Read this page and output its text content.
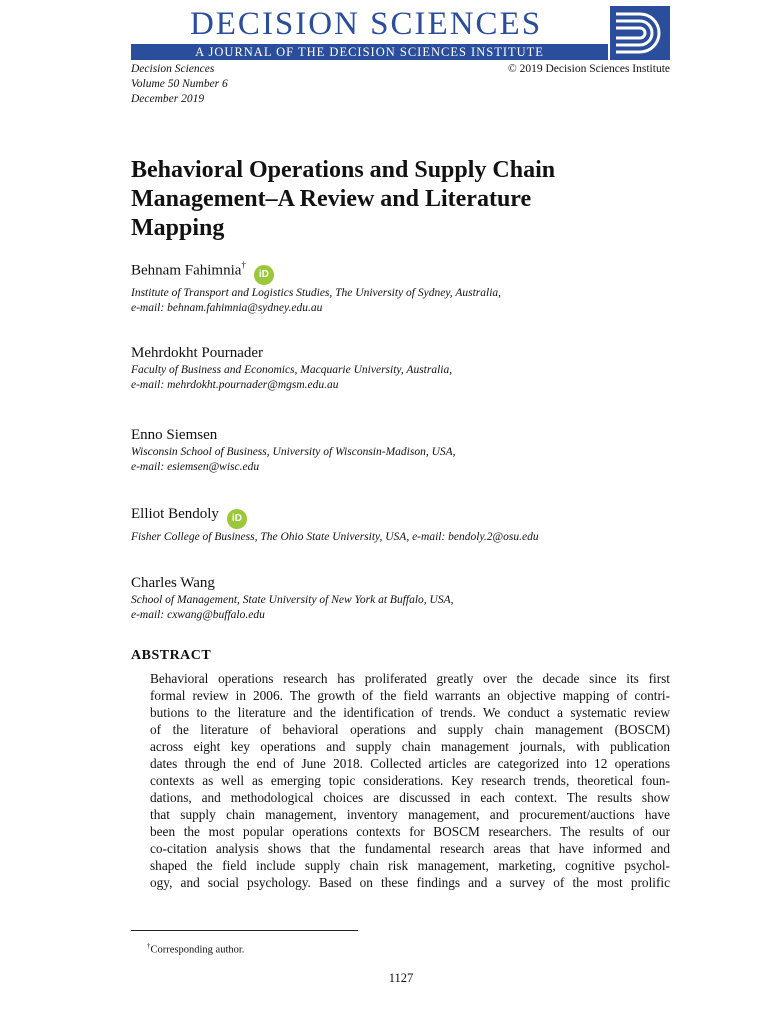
DECISION SCIENCES
A JOURNAL OF THE DECISION SCIENCES INSTITUTE
Decision Sciences
Volume 50 Number 6
December 2019
© 2019 Decision Sciences Institute
Behavioral Operations and Supply Chain
Management–A Review and Literature
Mapping
Behnam Fahimnia† iD
Institute of Transport and Logistics Studies, The University of Sydney, Australia,
e-mail: behnam.fahimnia@sydney.edu.au
Mehrdokht Pournader
Faculty of Business and Economics, Macquarie University, Australia,
e-mail: mehrdokht.pournader@mgsm.edu.au
Enno Siemsen
Wisconsin School of Business, University of Wisconsin-Madison, USA,
e-mail: esiemsen@wisc.edu
Elliot Bendoly iD
Fisher College of Business, The Ohio State University, USA, e-mail: bendoly.2@osu.edu
Charles Wang
School of Management, State University of New York at Buffalo, USA,
e-mail: cxwang@buffalo.edu
ABSTRACT
Behavioral operations research has proliferated greatly over the decade since its first
formal review in 2006. The growth of the field warrants an objective mapping of contri-
butions to the literature and the identification of trends. We conduct a systematic review
of the literature of behavioral operations and supply chain management (BOSCM)
across eight key operations and supply chain management journals, with publication
dates through the end of June 2018. Collected articles are categorized into 12 operations
contexts as well as emerging topic considerations. Key research trends, theoretical foun-
dations, and methodological choices are discussed in each context. The results show
that supply chain management, inventory management, and procurement/auctions have
been the most popular operations contexts for BOSCM researchers. The results of our
co-citation analysis shows that the fundamental research areas that have informed and
shaped the field include supply chain risk management, marketing, cognitive psychol-
ogy, and social psychology. Based on these findings and a survey of the most prolific
†Corresponding author.
1127
